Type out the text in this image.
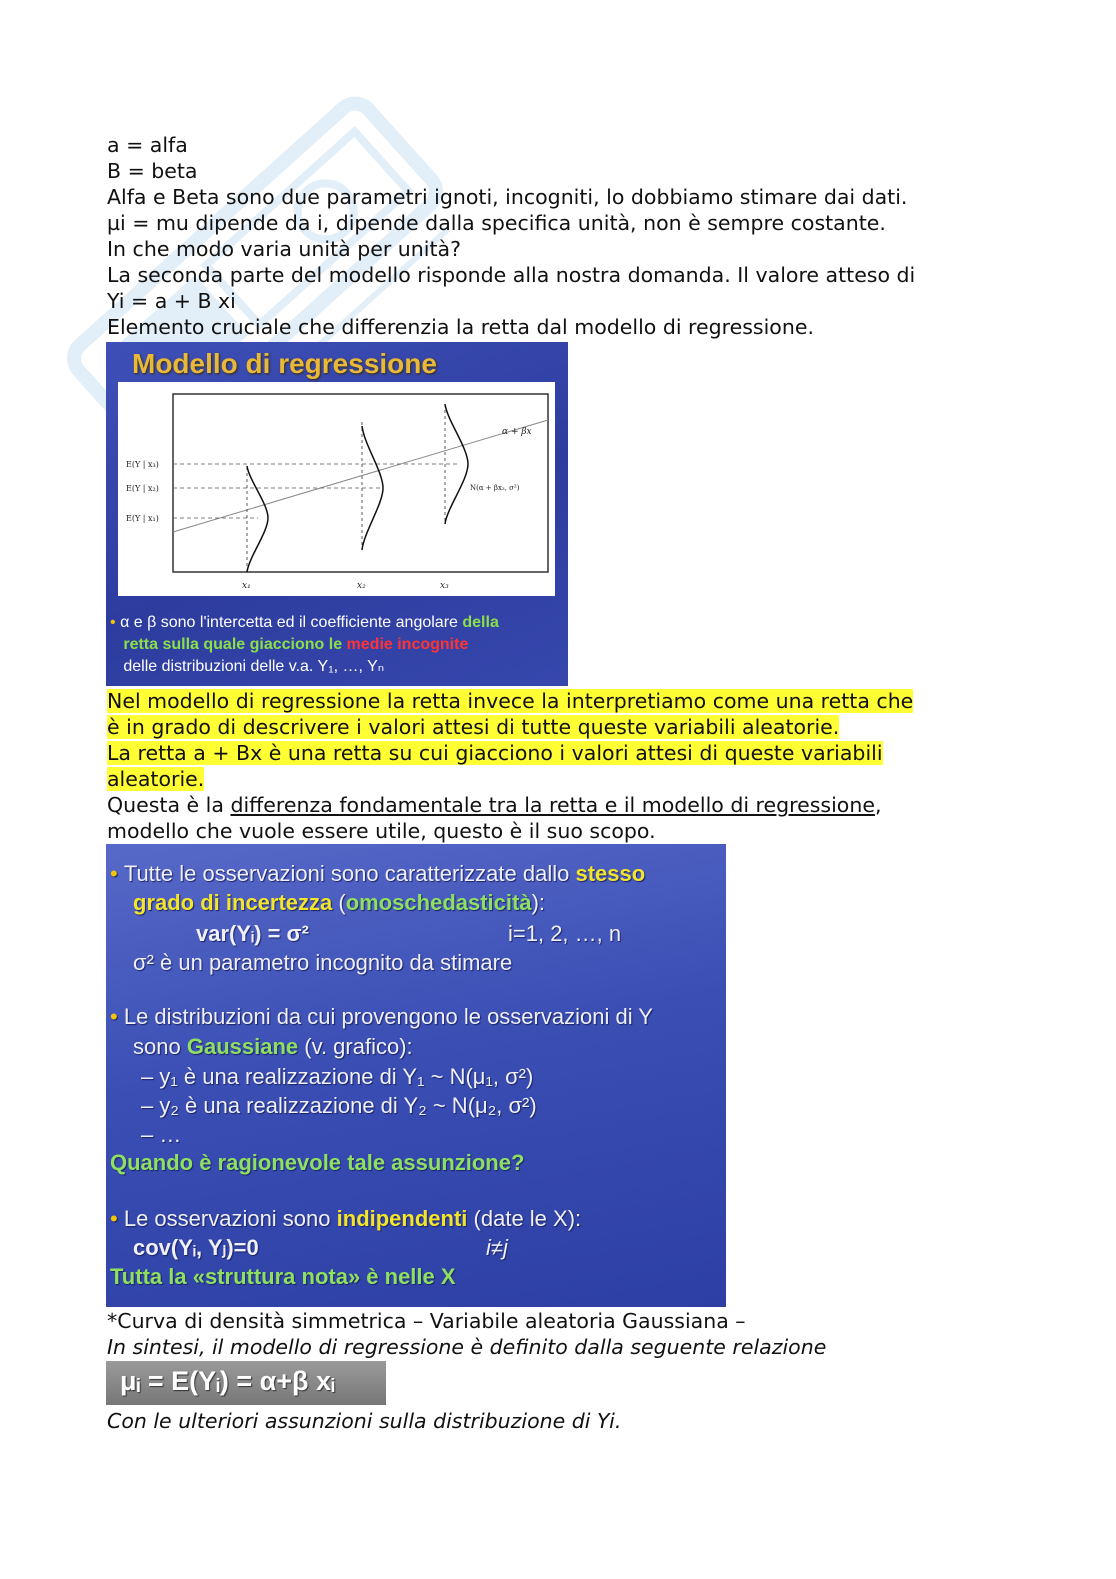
a = alfa
B = beta
Alfa e Beta sono due parametri ignoti, incogniti, lo dobbiamo stimare dai dati.
µi = mu dipende da i, dipende dalla specifica unità, non è sempre costante.
In che modo varia unità per unità?
La seconda parte del modello risponde alla nostra domanda. Il valore atteso di
Yi = a + B xi
Elemento cruciale che differenzia la retta dal modello di regressione.
Modello di regressione
α + βx
N(α + βx₃, σ²)
E(Y | x₃)
E(Y | x₂)
E(Y | x₁)
x₁	x₂	x₃
• α e β sono l'intercetta ed il coefficiente angolare della
retta sulla quale giacciono le medie incognite
delle distribuzioni delle v.a. Y₁, …, Yₙ
Nel modello di regressione la retta invece la interpretiamo come una retta che
è in grado di descrivere i valori attesi di tutte queste variabili aleatorie.
La retta a + Bx è una retta su cui giacciono i valori attesi di queste variabili
aleatorie.
Questa è la differenza fondamentale tra la retta e il modello di regressione,
modello che vuole essere utile, questo è il suo scopo.
• Tutte le osservazioni sono caratterizzate dallo stesso
grado di incertezza (omoschedasticità):
var(Yᵢ) = σ²	i=1, 2, …, n
σ² è un parametro incognito da stimare
• Le distribuzioni da cui provengono le osservazioni di Y
sono Gaussiane (v. grafico):
– y₁ è una realizzazione di Y₁ ~ N(μ₁, σ²)
– y₂ è una realizzazione di Y₂ ~ N(μ₂, σ²)
– …
Quando è ragionevole tale assunzione?
• Le osservazioni sono indipendenti (date le X):
cov(Yᵢ, Yⱼ)=0	i≠j
Tutta la «struttura nota» è nelle X
*Curva di densità simmetrica – Variabile aleatoria Gaussiana –
In sintesi, il modello di regressione è definito dalla seguente relazione
μᵢ = E(Yᵢ) = α+β xᵢ
Con le ulteriori assunzioni sulla distribuzione di Yi.
